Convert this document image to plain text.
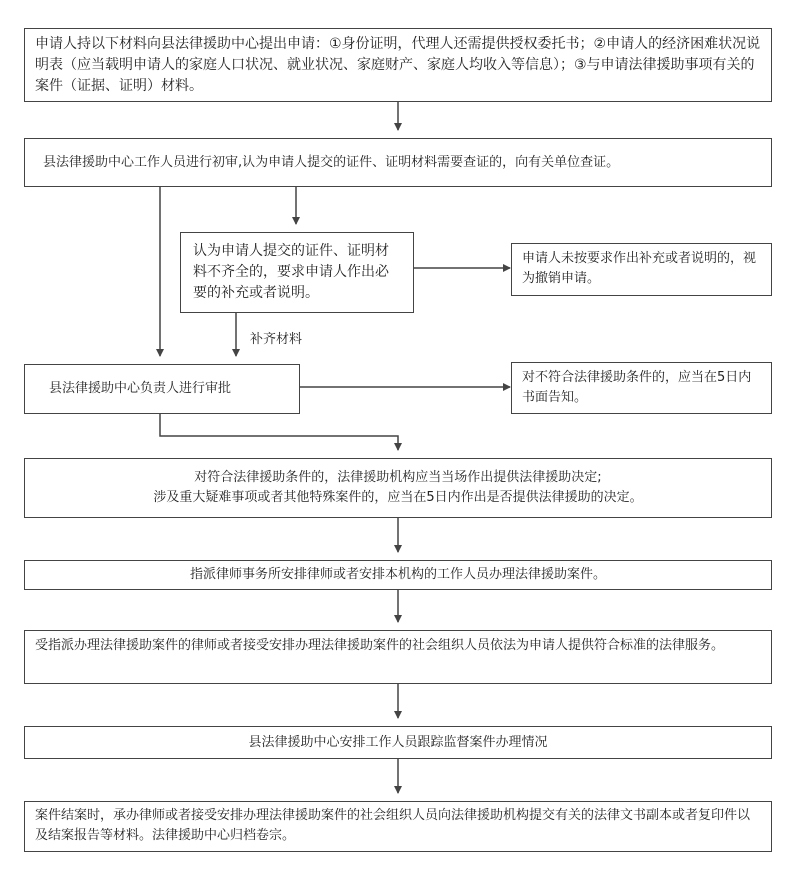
申请人持以下材料向县法律援助中心提出申请：①身份证明，代理人还需提供授权委托书；②申请人的经济困难状况说明表（应当载明申请人的家庭人口状况、就业状况、家庭财产、家庭人均收入等信息）；③与申请法律援助事项有关的案件（证据、证明）材料。
县法律援助中心工作人员进行初审,认为申请人提交的证件、证明材料需要查证的，向有关单位查证。
认为申请人提交的证件、证明材料不齐全的，要求申请人作出必要的补充或者说明。
申请人未按要求作出补充或者说明的，视为撤销申请。
补齐材料
县法律援助中心负责人进行审批
对不符合法律援助条件的，应当在5日内书面告知。
对符合法律援助条件的，法律援助机构应当当场作出提供法律援助决定;
涉及重大疑难事项或者其他特殊案件的，应当在5日内作出是否提供法律援助的决定。
指派律师事务所安排律师或者安排本机构的工作人员办理法律援助案件。
受指派办理法律援助案件的律师或者接受安排办理法律援助案件的社会组织人员依法为申请人提供符合标准的法律服务。
县法律援助中心安排工作人员跟踪监督案件办理情况
案件结案时，承办律师或者接受安排办理法律援助案件的社会组织人员向法律援助机构提交有关的法律文书副本或者复印件以及结案报告等材料。法律援助中心归档卷宗。
